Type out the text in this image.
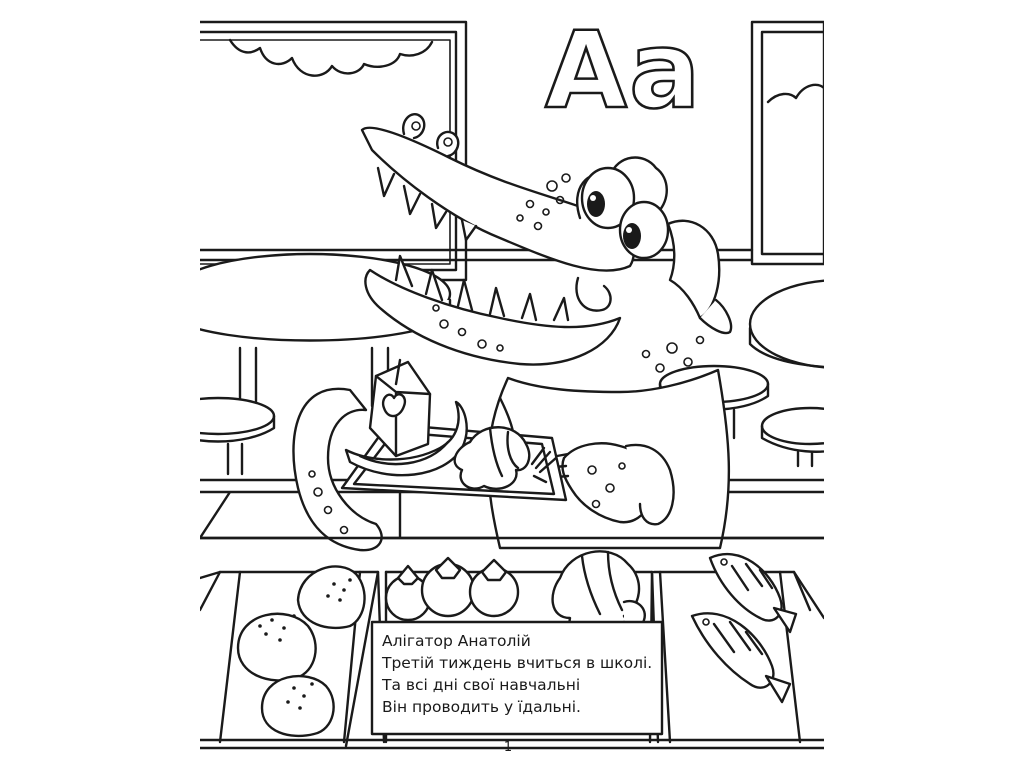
Aa
Алігатор Анатолій
Третій тиждень вчиться в школі.
Та всі дні свої навчальні
Він проводить у їдальні.
1
